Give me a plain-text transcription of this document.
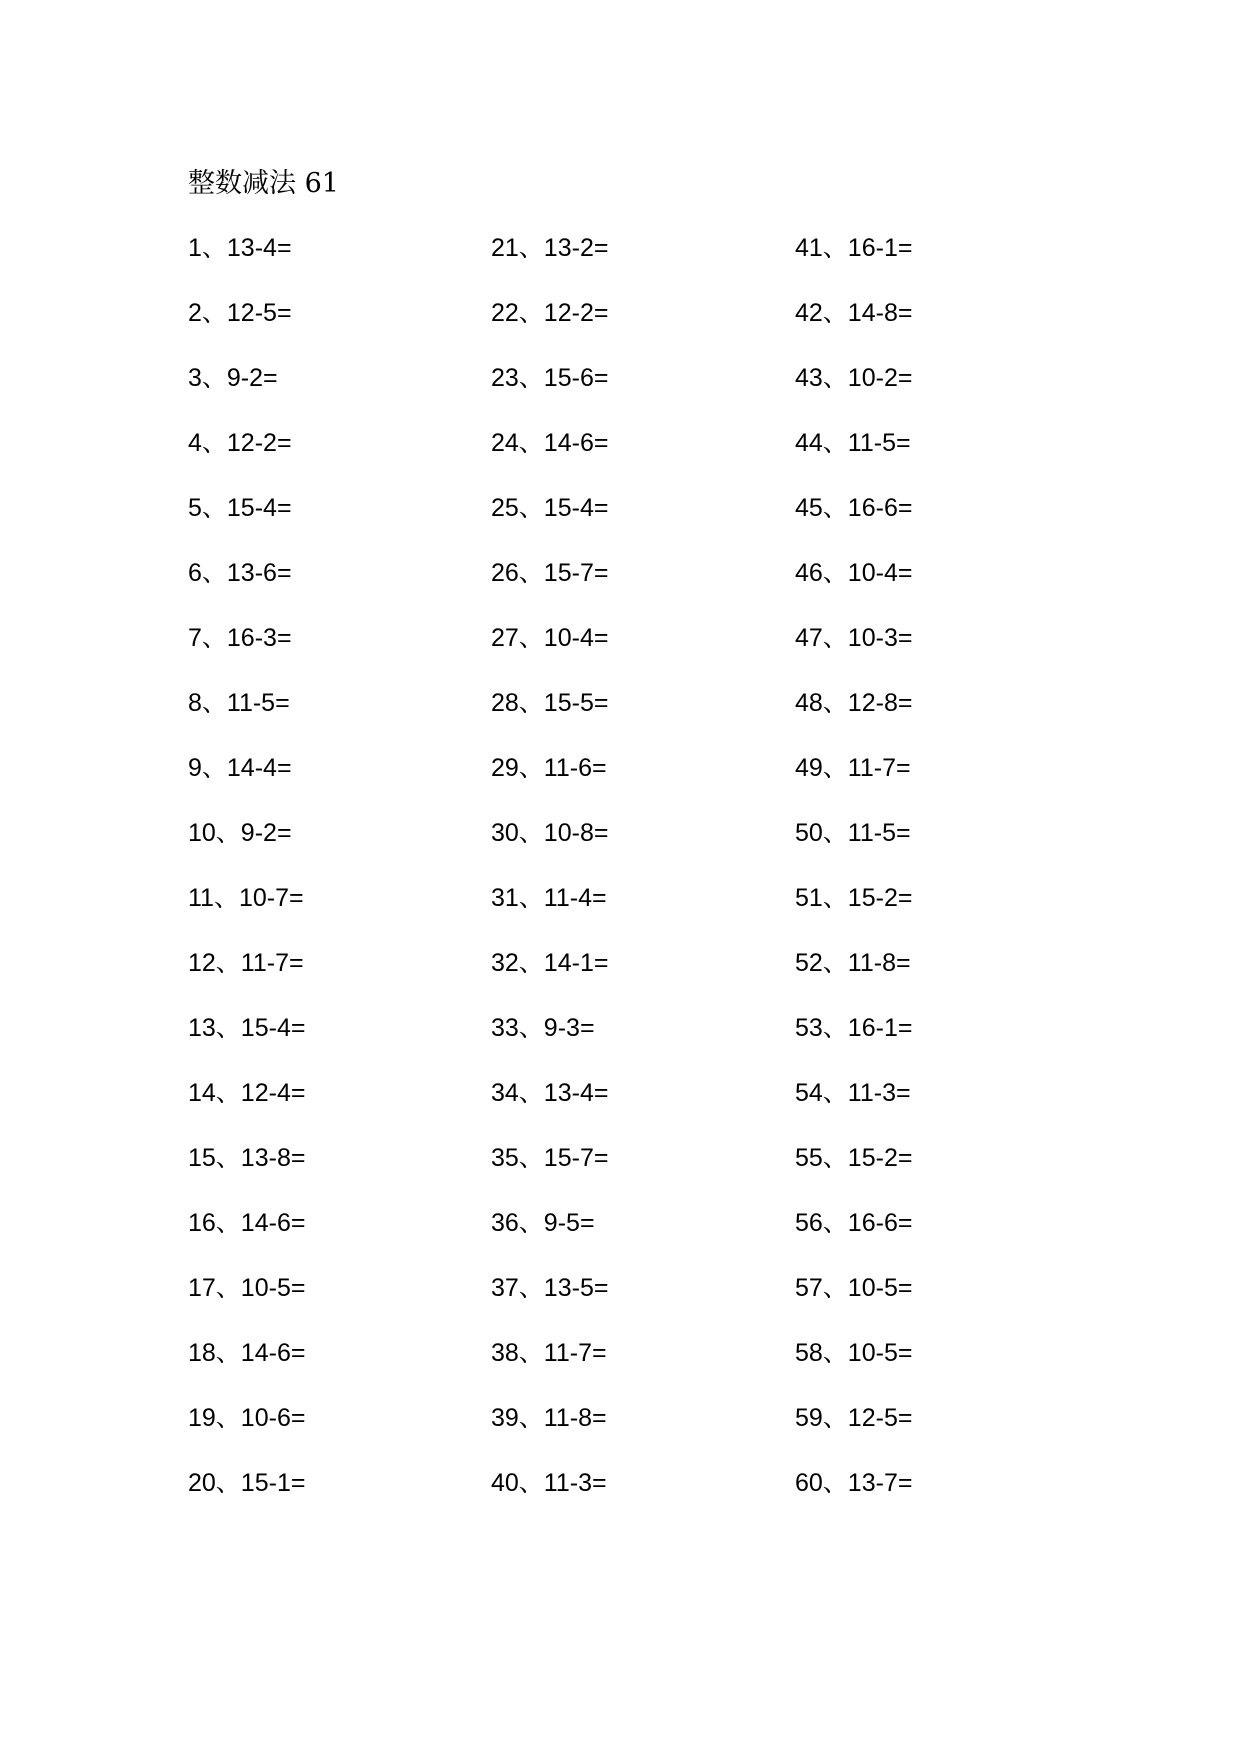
整数减法 61
1、13-4=
2、12-5=
3、9-2=
4、12-2=
5、15-4=
6、13-6=
7、16-3=
8、11-5=
9、14-4=
10、9-2=
11、10-7=
12、11-7=
13、15-4=
14、12-4=
15、13-8=
16、14-6=
17、10-5=
18、14-6=
19、10-6=
20、15-1=
21、13-2=
22、12-2=
23、15-6=
24、14-6=
25、15-4=
26、15-7=
27、10-4=
28、15-5=
29、11-6=
30、10-8=
31、11-4=
32、14-1=
33、9-3=
34、13-4=
35、15-7=
36、9-5=
37、13-5=
38、11-7=
39、11-8=
40、11-3=
41、16-1=
42、14-8=
43、10-2=
44、11-5=
45、16-6=
46、10-4=
47、10-3=
48、12-8=
49、11-7=
50、11-5=
51、15-2=
52、11-8=
53、16-1=
54、11-3=
55、15-2=
56、16-6=
57、10-5=
58、10-5=
59、12-5=
60、13-7=
